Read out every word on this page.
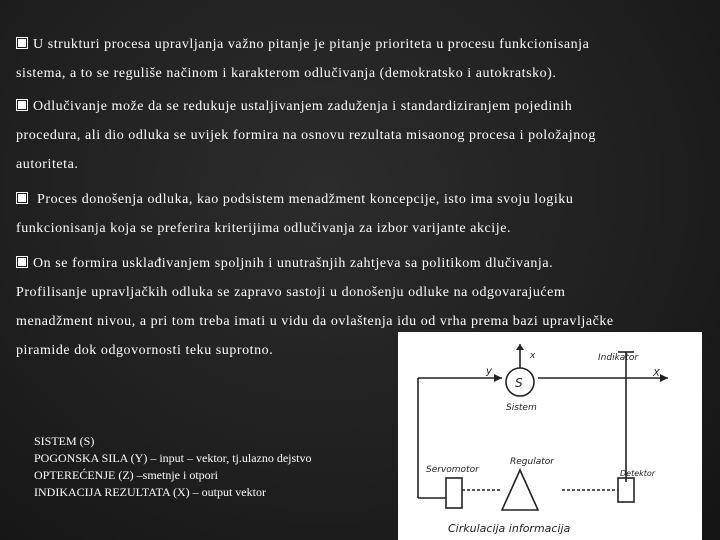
U strukturi procesa upravljanja važno pitanje je pitanje prioriteta u procesu funkcionisanja
sistema, a to se reguliše načinom i karakterom odlučivanja (demokratsko i autokratsko).
Odlučivanje može da se redukuje ustaljivanjem zaduženja i standardiziranjem pojedinih
procedura, ali dio odluka se uvijek formira na osnovu rezultata misaonog procesa i položajnog
autoriteta.
Proces donošenja odluka, kao podsistem menadžment koncepcije, isto ima svoju logiku
funkcionisanja koja se preferira kriterijima odlučivanja za izbor varijante akcije.
On se formira usklađivanjem spoljnih i unutrašnjih zahtjeva sa politikom dlučivanja.
Profilisanje upravljačkih odluka se zapravo sastoji u donošenju odluke na odgovarajućem
menadžment nivou, a pri tom treba imati u vidu da ovlaštenja idu od vrha prema bazi upravljačke
piramide dok odgovornosti teku suprotno.
SISTEM (S)
POGONSKA SILA (Y) – input – vektor, tj.ulazno dejstvo
OPTEREĆENJE (Z) –smetnje i otpori
INDIKACIJA REZULTATA (X) – output vektor
S
Sistem
Indikator
y	X
x
Servomotor
Regulator
Detektor
Cirkulacija informacija
